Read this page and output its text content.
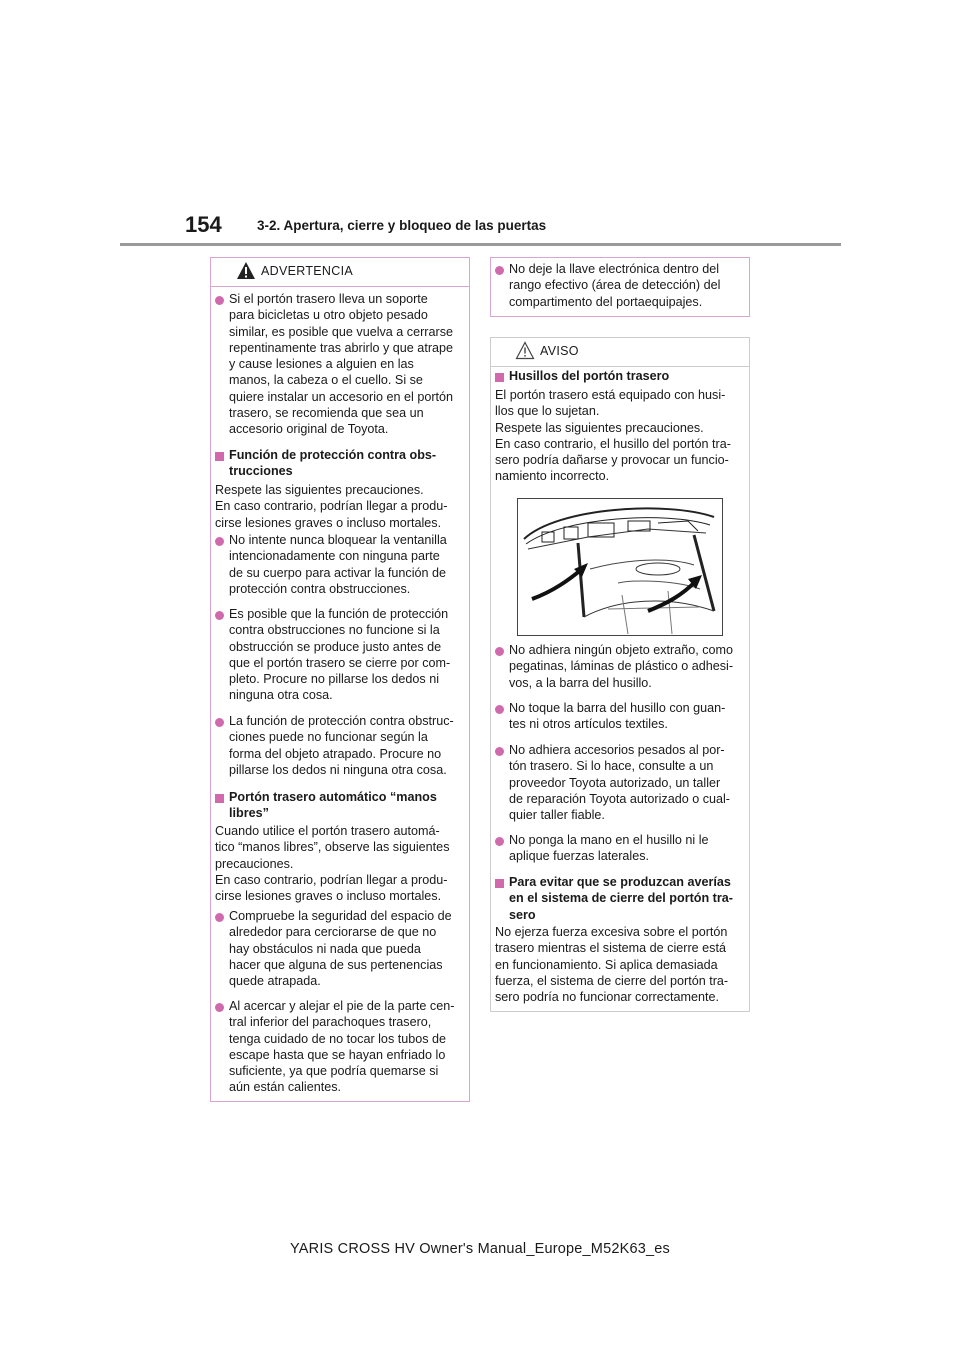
154	3-2. Apertura, cierre y bloqueo de las puertas
ADVERTENCIA
Si el portón trasero lleva un soporte
para bicicletas u otro objeto pesado
similar, es posible que vuelva a cerrarse
repentinamente tras abrirlo y que atrape
y cause lesiones a alguien en las
manos, la cabeza o el cuello. Si se
quiere instalar un accesorio en el portón
trasero, se recomienda que sea un
accesorio original de Toyota.
Función de protección contra obs-
trucciones
Respete las siguientes precauciones.
En caso contrario, podrían llegar a produ-
cirse lesiones graves o incluso mortales.
No intente nunca bloquear la ventanilla
intencionadamente con ninguna parte
de su cuerpo para activar la función de
protección contra obstrucciones.
Es posible que la función de protección
contra obstrucciones no funcione si la
obstrucción se produce justo antes de
que el portón trasero se cierre por com-
pleto. Procure no pillarse los dedos ni
ninguna otra cosa.
La función de protección contra obstruc-
ciones puede no funcionar según la
forma del objeto atrapado. Procure no
pillarse los dedos ni ninguna otra cosa.
Portón trasero automático “manos
libres”
Cuando utilice el portón trasero automá-
tico “manos libres”, observe las siguientes
precauciones.
En caso contrario, podrían llegar a produ-
cirse lesiones graves o incluso mortales.
Compruebe la seguridad del espacio de
alrededor para cerciorarse de que no
hay obstáculos ni nada que pueda
hacer que alguna de sus pertenencias
quede atrapada.
Al acercar y alejar el pie de la parte cen-
tral inferior del parachoques trasero,
tenga cuidado de no tocar los tubos de
escape hasta que se hayan enfriado lo
suficiente, ya que podría quemarse si
aún están calientes.
No deje la llave electrónica dentro del
rango efectivo (área de detección) del
compartimento del portaequipajes.
AVISO
Husillos del portón trasero
El portón trasero está equipado con husi-
llos que lo sujetan.
Respete las siguientes precauciones.
En caso contrario, el husillo del portón tra-
sero podría dañarse y provocar un funcio-
namiento incorrecto.
No adhiera ningún objeto extraño, como
pegatinas, láminas de plástico o adhesi-
vos, a la barra del husillo.
No toque la barra del husillo con guan-
tes ni otros artículos textiles.
No adhiera accesorios pesados al por-
tón trasero. Si lo hace, consulte a un
proveedor Toyota autorizado, un taller
de reparación Toyota autorizado o cual-
quier taller fiable.
No ponga la mano en el husillo ni le
aplique fuerzas laterales.
Para evitar que se produzcan averías
en el sistema de cierre del portón tra-
sero
No ejerza fuerza excesiva sobre el portón
trasero mientras el sistema de cierre está
en funcionamiento. Si aplica demasiada
fuerza, el sistema de cierre del portón tra-
sero podría no funcionar correctamente.
YARIS CROSS HV Owner's Manual_Europe_M52K63_es
